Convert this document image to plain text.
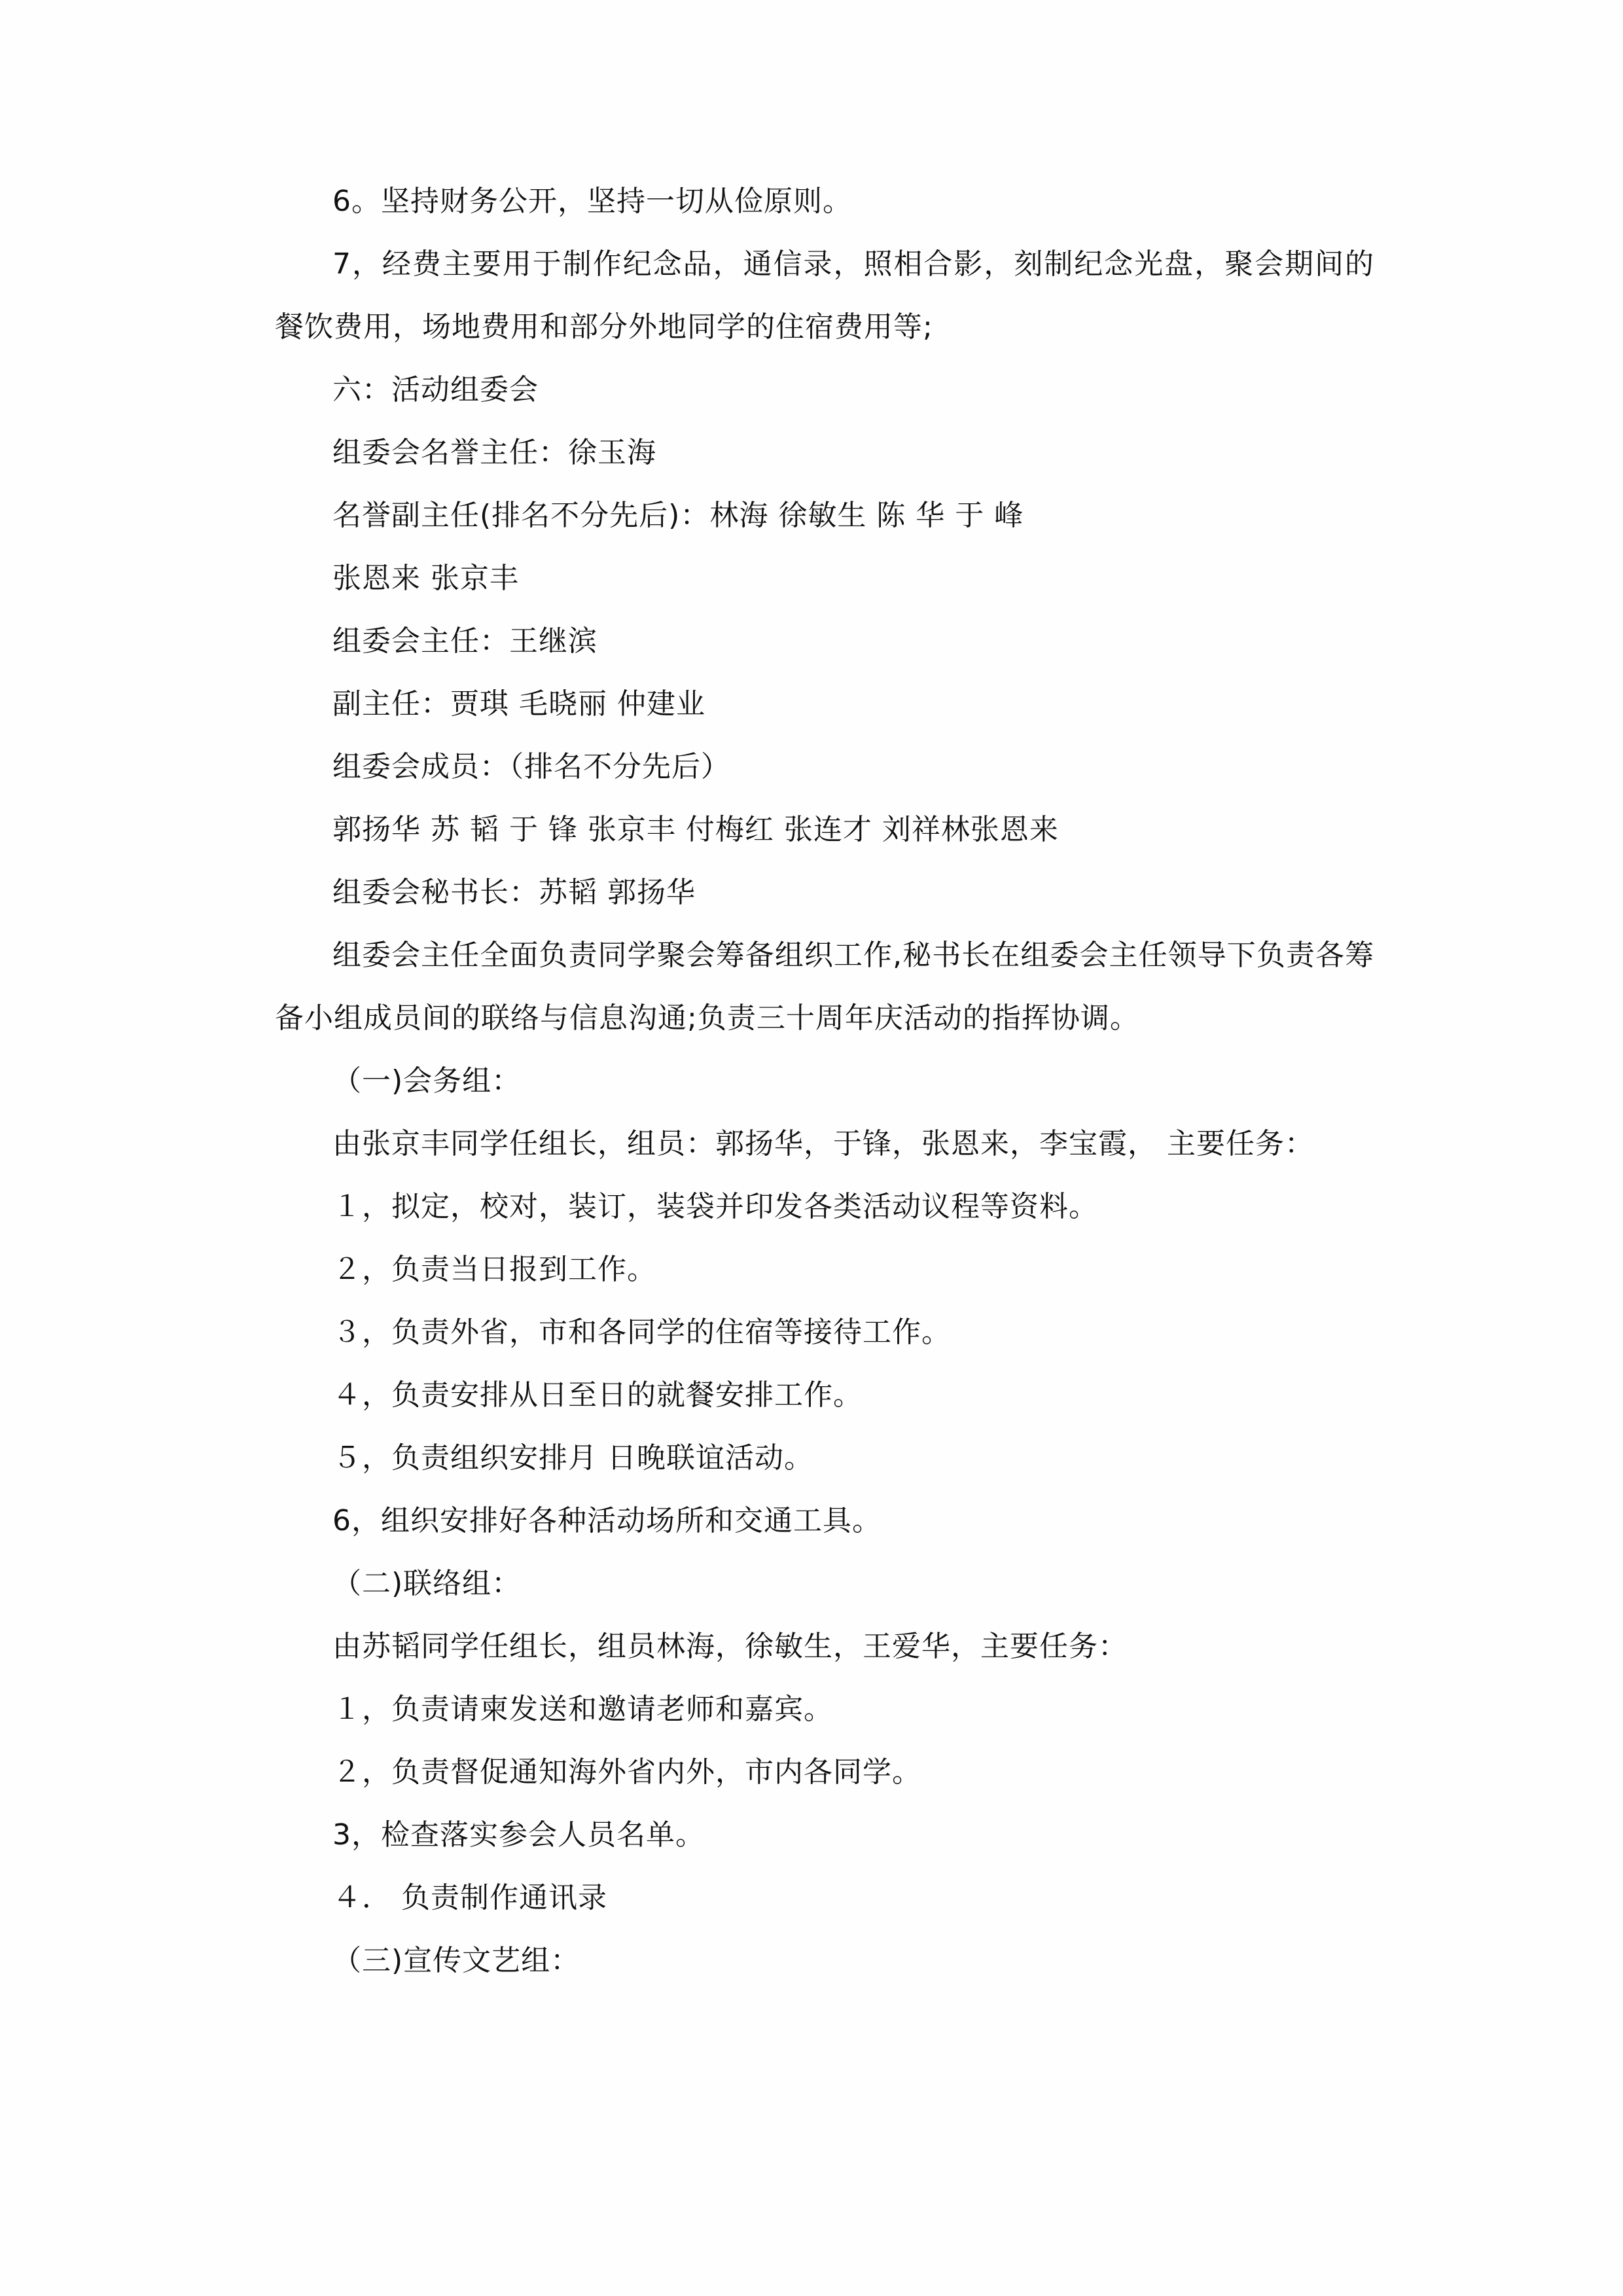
6。坚持财务公开，坚持一切从俭原则。

7，经费主要用于制作纪念品，通信录，照相合影，刻制纪念光盘，聚会期间的餐饮费用，场地费用和部分外地同学的住宿费用等;

六：活动组委会

组委会名誉主任：徐玉海

名誉副主任(排名不分先后)：林海 徐敏生 陈 华 于 峰

张恩来 张京丰

组委会主任：王继滨

副主任：贾琪 毛晓丽 仲建业

组委会成员：（排名不分先后）

郭扬华 苏 韬 于 锋 张京丰 付梅红 张连才 刘祥林张恩来

组委会秘书长：苏韬 郭扬华

组委会主任全面负责同学聚会筹备组织工作,秘书长在组委会主任领导下负责各筹备小组成员间的联络与信息沟通;负责三十周年庆活动的指挥协调。

（一)会务组：

由张京丰同学任组长，组员：郭扬华，于锋，张恩来，李宝霞， 主要任务：

１，拟定，校对，装订，装袋并印发各类活动议程等资料。

２，负责当日报到工作。

３，负责外省，市和各同学的住宿等接待工作。

４，负责安排从日至日的就餐安排工作。

５，负责组织安排月 日晚联谊活动。

6，组织安排好各种活动场所和交通工具。

（二)联络组：

由苏韬同学任组长，组员林海，徐敏生，王爱华，主要任务：

１，负责请柬发送和邀请老师和嘉宾。

２，负责督促通知海外省内外，市内各同学。

3，检查落实参会人员名单。

４． 负责制作通讯录

（三)宣传文艺组：
